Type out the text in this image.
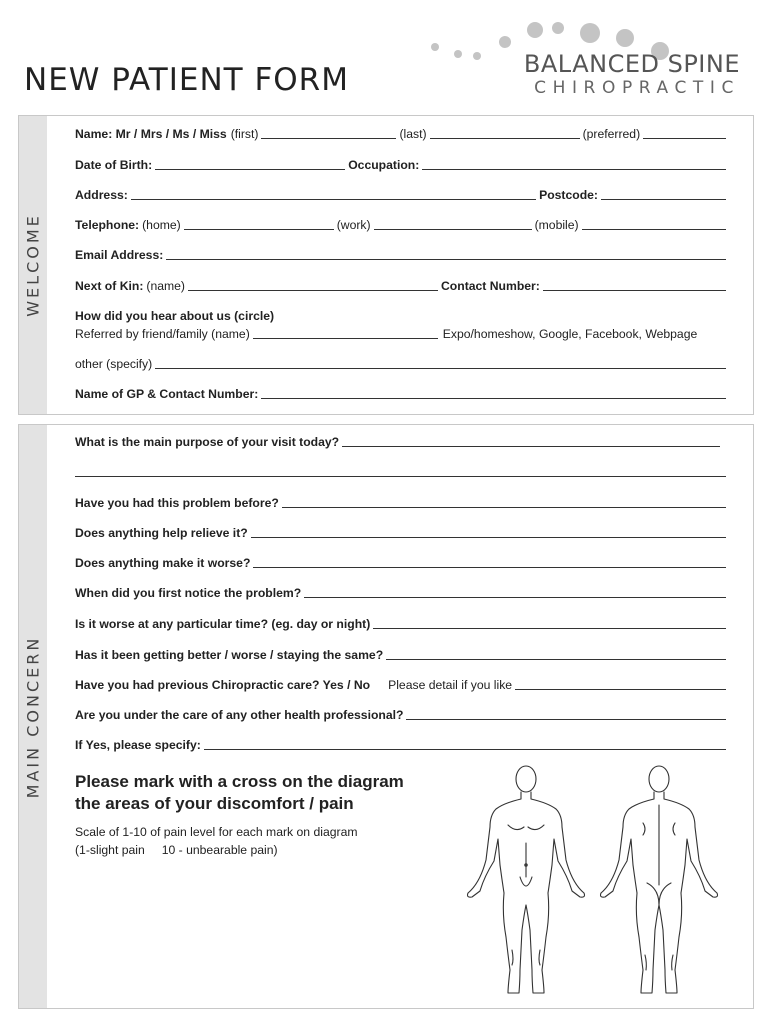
NEW PATIENT FORM	BALANCED SPINE
CHIROPRACTIC
WELCOME
Name: Mr / Mrs / Ms / Miss (first)	(last)	(preferred)
Date of Birth:	Occupation:
Address:	Postcode:
Telephone: (home)	(work)	(mobile)
Email Address:
Next of Kin: (name)	Contact Number:
How did you hear about us (circle)
Referred by friend/family (name)	Expo/homeshow, Google, Facebook, Webpage
other (specify)
Name of GP & Contact Number:
MAIN CONCERN
What is the main purpose of your visit today?
Have you had this problem before?
Does anything help relieve it?
Does anything make it worse?
When did you first notice the problem?
Is it worse at any particular time? (eg. day or night)
Has it been getting better / worse / staying the same?
Have you had previous Chiropractic care? Yes / No Please detail if you like
Are you under the care of any other health professional?
If Yes, please specify:
Please mark with a cross on the diagram
the areas of your discomfort / pain
Scale of 1-10 of pain level for each mark on diagram
(1-slight pain     10 - unbearable pain)
